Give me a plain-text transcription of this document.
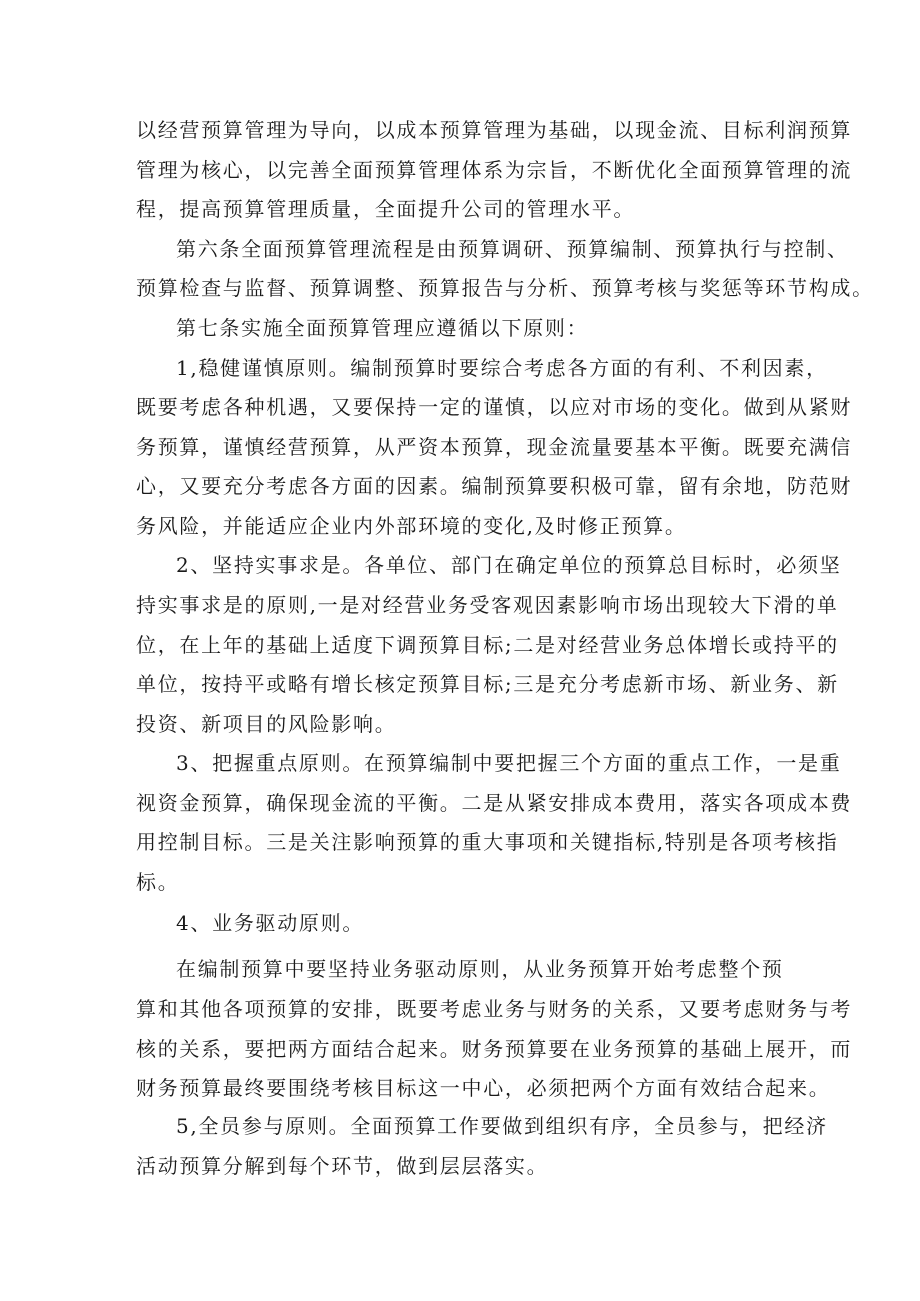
以经营预算管理为导向，以成本预算管理为基础，以现金流、目标利润预算
管理为核心，以完善全面预算管理体系为宗旨，不断优化全面预算管理的流
程，提高预算管理质量，全面提升公司的管理水平。
第六条全面预算管理流程是由预算调研、预算编制、预算执行与控制、
预算检查与监督、预算调整、预算报告与分析、预算考核与奖惩等环节构成。
第七条实施全面预算管理应遵循以下原则：
1,稳健谨慎原则。编制预算时要综合考虑各方面的有利、不利因素，
既要考虑各种机遇，又要保持一定的谨慎，以应对市场的变化。做到从紧财
务预算，谨慎经营预算，从严资本预算，现金流量要基本平衡。既要充满信
心，又要充分考虑各方面的因素。编制预算要积极可靠，留有余地，防范财
务风险，并能适应企业内外部环境的变化,及时修正预算。
2、坚持实事求是。各单位、部门在确定单位的预算总目标时，必须坚
持实事求是的原则,一是对经营业务受客观因素影响市场出现较大下滑的单
位，在上年的基础上适度下调预算目标;二是对经营业务总体增长或持平的
单位，按持平或略有增长核定预算目标;三是充分考虑新市场、新业务、新
投资、新项目的风险影响。
3、把握重点原则。在预算编制中要把握三个方面的重点工作，一是重
视资金预算，确保现金流的平衡。二是从紧安排成本费用，落实各项成本费
用控制目标。三是关注影响预算的重大事项和关键指标,特别是各项考核指
标。
4、业务驱动原则。
在编制预算中要坚持业务驱动原则，从业务预算开始考虑整个预
算和其他各项预算的安排，既要考虑业务与财务的关系，又要考虑财务与考
核的关系，要把两方面结合起来。财务预算要在业务预算的基础上展开，而
财务预算最终要围绕考核目标这一中心，必须把两个方面有效结合起来。
5,全员参与原则。全面预算工作要做到组织有序，全员参与，把经济
活动预算分解到每个环节，做到层层落实。
